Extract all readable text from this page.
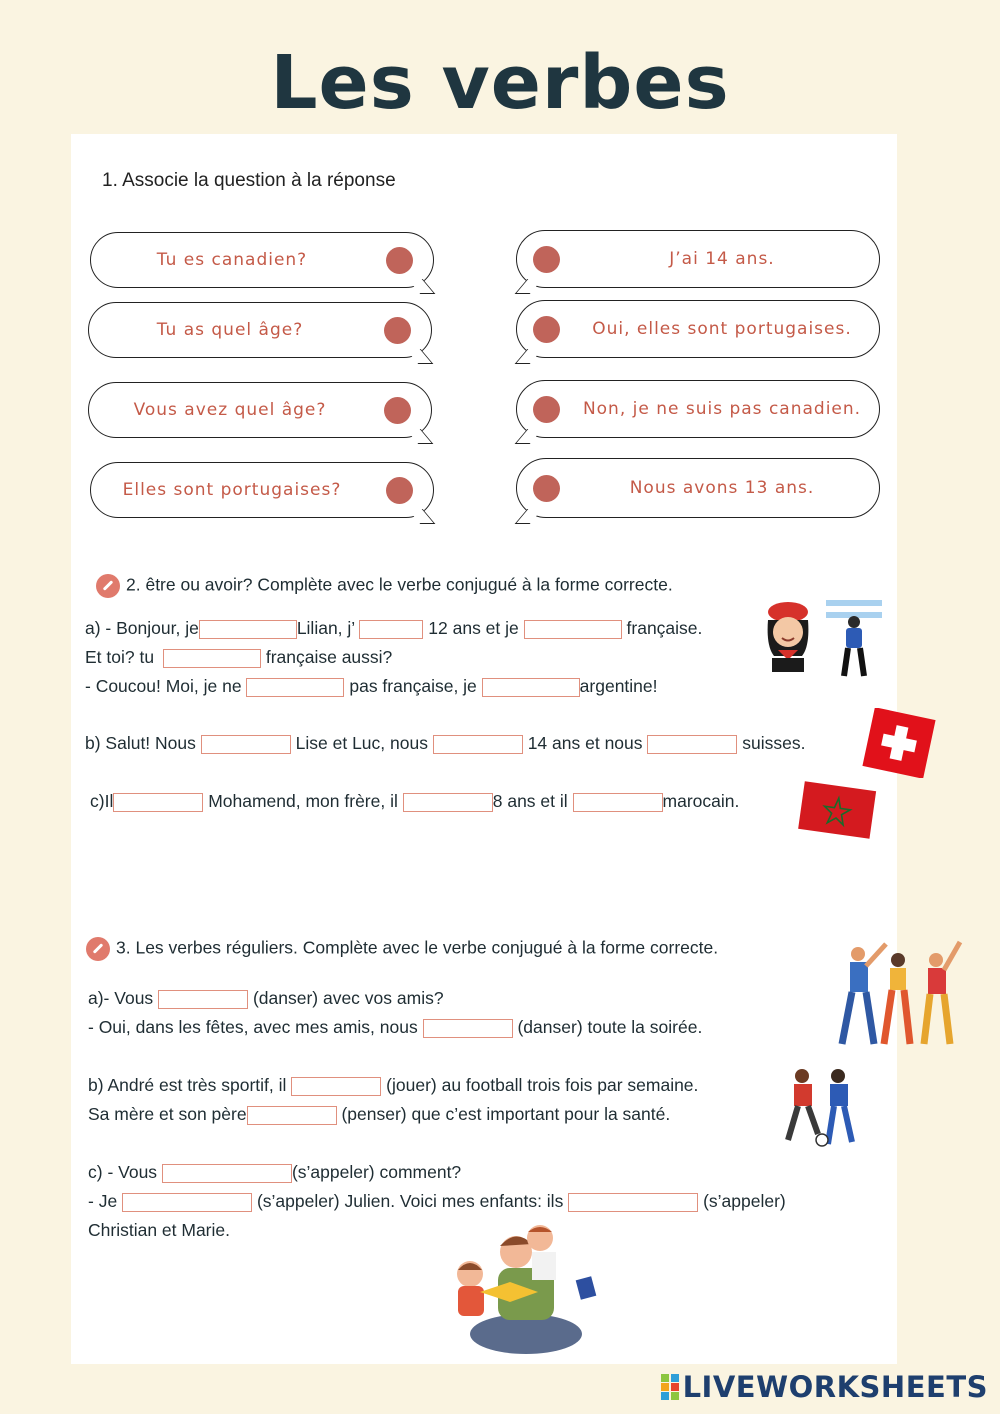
Les verbes
1. Associe la question à la réponse
Tu es canadien?
Tu as quel âge?
Vous avez quel âge?
Elles sont portugaises?
J’ai 14 ans.
Oui, elles sont portugaises.
Non, je ne suis pas canadien.
Nous avons 13 ans.
2. être ou avoir? Complète avec le verbe conjugué à la forme correcte.
a) - Bonjour, je	Lilian, j’	12 ans et je	française.
Et toi? tu	française aussi?
- Coucou! Moi, je ne	pas française, je	argentine!
b) Salut! Nous	Lise et Luc, nous	14 ans et nous	suisses.
c)Il	Mohamend, mon frère, il	8 ans et il	marocain.
3. Les verbes réguliers. Complète avec le verbe conjugué à la forme correcte.
a)- Vous	(danser) avec vos amis?
- Oui, dans les fêtes, avec mes amis, nous	(danser) toute la soirée.
b) André est très sportif, il	(jouer) au football trois fois par semaine.
Sa mère et son père	(penser) que c’est important pour la santé.
c) - Vous	(s’appeler) comment?
- Je	(s’appeler) Julien. Voici mes enfants: ils	(s’appeler)
Christian et Marie.
LIVEWORKSHEETS
